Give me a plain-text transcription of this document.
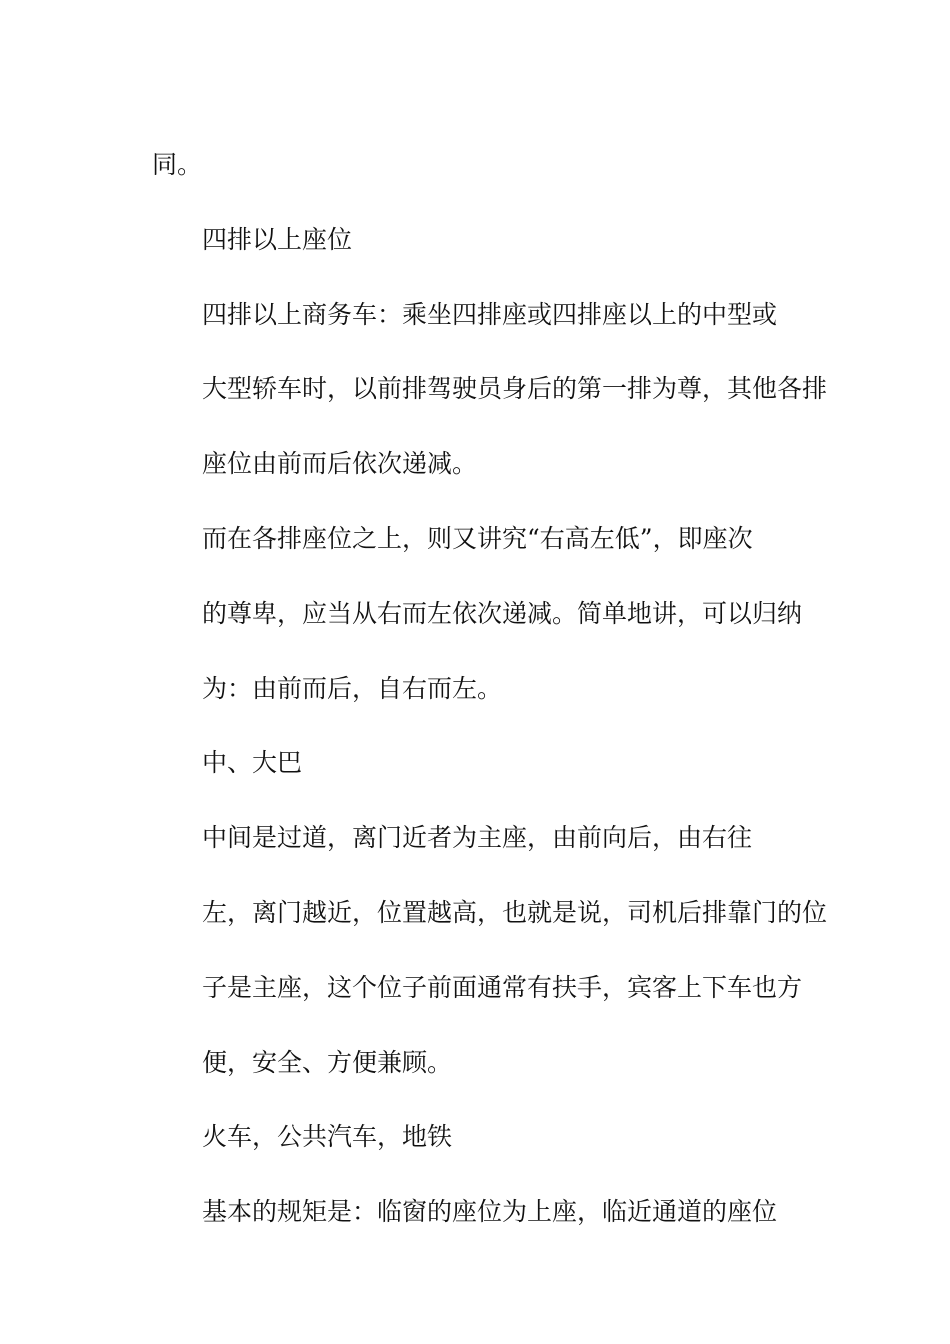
同。

四排以上座位

四排以上商务车：乘坐四排座或四排座以上的中型或
大型轿车时，以前排驾驶员身后的第一排为尊，其他各排
座位由前而后依次递减。

而在各排座位之上，则又讲究“右高左低”，即座次
的尊卑，应当从右而左依次递减。简单地讲，可以归纳
为：由前而后，自右而左。

中、大巴

中间是过道，离门近者为主座，由前向后，由右往
左，离门越近，位置越高，也就是说，司机后排靠门的位
子是主座，这个位子前面通常有扶手，宾客上下车也方
便，安全、方便兼顾。

火车，公共汽车，地铁

基本的规矩是：临窗的座位为上座，临近通道的座位
